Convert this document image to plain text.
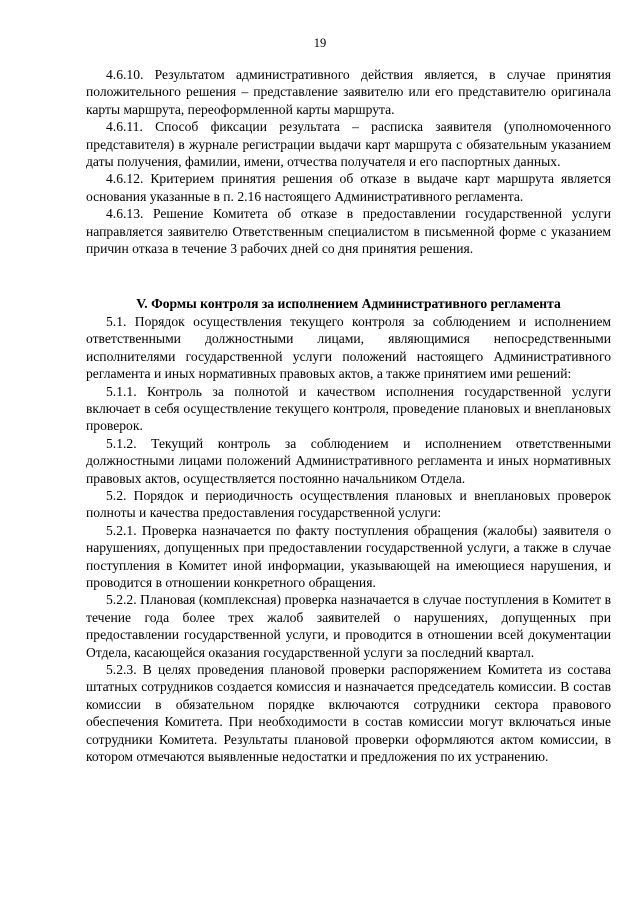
19

4.6.10. Результатом административного действия является, в случае принятия положительного решения – представление заявителю или его представителю оригинала карты маршрута, переоформленной карты маршрута.

4.6.11. Способ фиксации результата – расписка заявителя (уполномоченного представителя) в журнале регистрации выдачи карт маршрута с обязательным указанием даты получения, фамилии, имени, отчества получателя и его паспортных данных.

4.6.12. Критерием принятия решения об отказе в выдаче карт маршрута является основания указанные в п. 2.16 настоящего Административного регламента.

4.6.13. Решение Комитета об отказе в предоставлении государственной услуги направляется заявителю Ответственным специалистом в письменной форме с указанием причин отказа в течение 3 рабочих дней со дня принятия решения.

V. Формы контроля за исполнением Административного регламента

5.1. Порядок осуществления текущего контроля за соблюдением и исполнением ответственными должностными лицами, являющимися непосредственными исполнителями государственной услуги положений настоящего Административного регламента и иных нормативных правовых актов, а также принятием ими решений:

5.1.1. Контроль за полнотой и качеством исполнения государственной услуги включает в себя осуществление текущего контроля, проведение плановых и внеплановых проверок.

5.1.2. Текущий контроль за соблюдением и исполнением ответственными должностными лицами положений Административного регламента и иных нормативных правовых актов, осуществляется постоянно начальником Отдела.

5.2. Порядок и периодичность осуществления плановых и внеплановых проверок полноты и качества предоставления государственной услуги:

5.2.1. Проверка назначается по факту поступления обращения (жалобы) заявителя о нарушениях, допущенных при предоставлении государственной услуги, а также в случае поступления в Комитет иной информации, указывающей на имеющиеся нарушения, и проводится в отношении конкретного обращения.

5.2.2. Плановая (комплексная) проверка назначается в случае поступления в Комитет в течение года более трех жалоб заявителей о нарушениях, допущенных при предоставлении государственной услуги, и проводится в отношении всей документации Отдела, касающейся оказания государственной услуги за последний квартал.

5.2.3. В целях проведения плановой проверки распоряжением Комитета из состава штатных сотрудников создается комиссия и назначается председатель комиссии. В состав комиссии в обязательном порядке включаются сотрудники сектора правового обеспечения Комитета. При необходимости в состав комиссии могут включаться иные сотрудники Комитета. Результаты плановой проверки оформляются актом комиссии, в котором отмечаются выявленные недостатки и предложения по их устранению.
